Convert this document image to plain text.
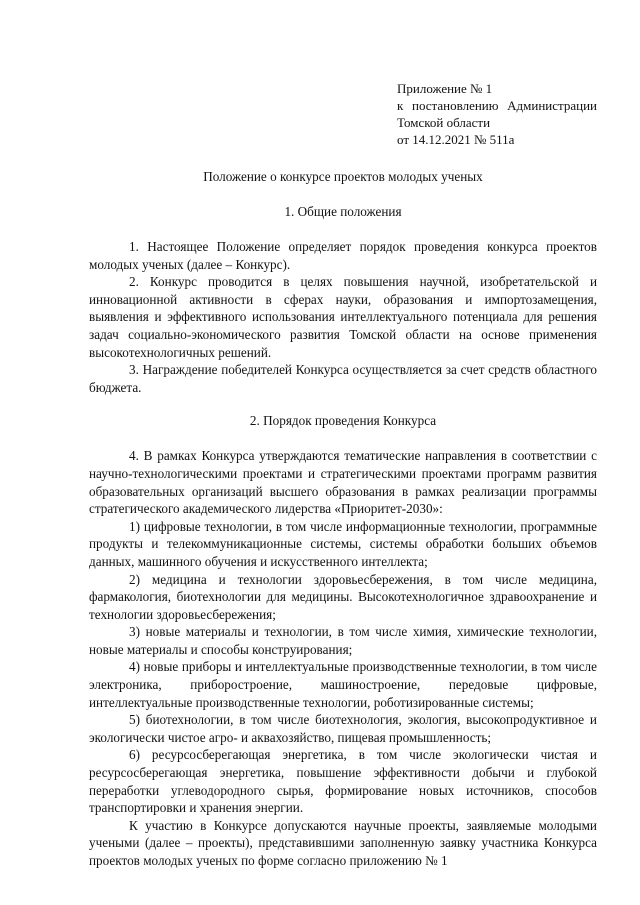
Приложение № 1
к постановлению Администрации
Томской области
от 14.12.2021 № 511а
Положение о конкурсе проектов молодых ученых
1. Общие положения

1. Настоящее Положение определяет порядок проведения конкурса проектов молодых ученых (далее – Конкурс).

2. Конкурс проводится в целях повышения научной, изобретательской и инновационной активности в сферах науки, образования и импортозамещения, выявления и эффективного использования интеллектуального потенциала для решения задач социально-экономического развития Томской области на основе применения высокотехнологичных решений.

3. Награждение победителей Конкурса осуществляется за счет средств областного бюджета.

2. Порядок проведения Конкурса

4. В рамках Конкурса утверждаются тематические направления в соответствии с научно-технологическими проектами и стратегическими проектами программ развития образовательных организаций высшего образования в рамках реализации программы стратегического академического лидерства «Приоритет-2030»:

1) цифровые технологии, в том числе информационные технологии, программные продукты и телекоммуникационные системы, системы обработки больших объемов данных, машинного обучения и искусственного интеллекта;

2) медицина и технологии здоровьесбережения, в том числе медицина, фармакология, биотехнологии для медицины. Высокотехнологичное здравоохранение и технологии здоровьесбережения;

3) новые материалы и технологии, в том числе химия, химические технологии, новые материалы и способы конструирования;

4) новые приборы и интеллектуальные производственные технологии, в том числе электроника, приборостроение, машиностроение, передовые цифровые, интеллектуальные производственные технологии, роботизированные системы;

5) биотехнологии, в том числе биотехнология, экология, высокопродуктивное и экологически чистое агро- и аквахозяйство, пищевая промышленность;

6) ресурсосберегающая энергетика, в том числе экологически чистая и ресурсосберегающая энергетика, повышение эффективности добычи и глубокой переработки углеводородного сырья, формирование новых источников, способов транспортировки и хранения энергии.

К участию в Конкурсе допускаются научные проекты, заявляемые молодыми учеными (далее – проекты), представившими заполненную заявку участника Конкурса проектов молодых ученых по форме согласно приложению № 1
